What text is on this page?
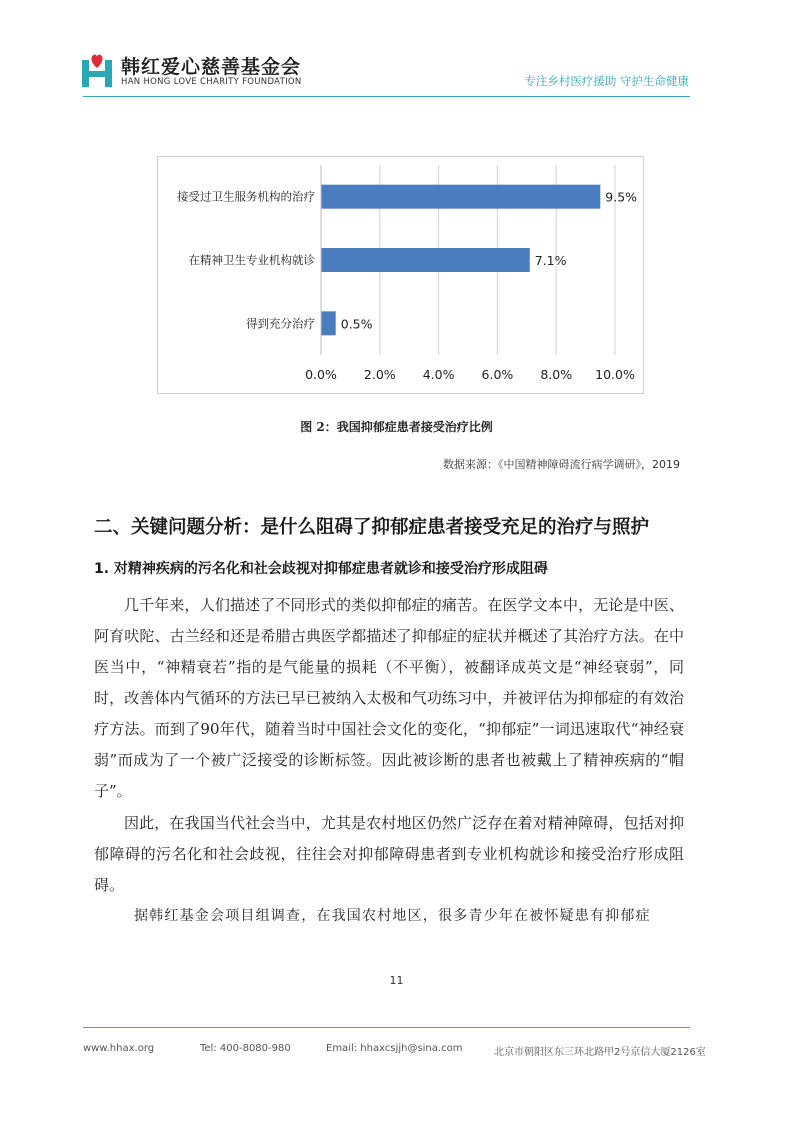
韩红爱心慈善基金会
HAN HONG LOVE CHARITY FOUNDATION	专注乡村医疗援助 守护生命健康
0.0% 2.0% 4.0% 6.0% 8.0% 10.0%
接受过卫生服务机构的治疗	9.5%
在精神卫生专业机构就诊	7.1%
得到充分治疗 0.5%
图 2：我国抑郁症患者接受治疗比例
数据来源：《中国精神障碍流行病学调研》，2019
二、关键问题分析：是什么阻碍了抑郁症患者接受充足的治疗与照护
1. 对精神疾病的污名化和社会歧视对抑郁症患者就诊和接受治疗形成阻碍

几千年来，人们描述了不同形式的类似抑郁症的痛苦。在医学文本中，无论是中医、阿育吠陀、古兰经和还是希腊古典医学都描述了抑郁症的症状并概述了其治疗方法。在中医当中，“神精衰若”指的是气能量的损耗（不平衡），被翻译成英文是“神经衰弱”，同时，改善体内气循环的方法已早已被纳入太极和气功练习中，并被评估为抑郁症的有效治疗方法。而到了90年代，随着当时中国社会文化的变化，“抑郁症”一词迅速取代“神经衰弱”而成为了一个被广泛接受的诊断标签。因此被诊断的患者也被戴上了精神疾病的“帽子”。

因此，在我国当代社会当中，尤其是农村地区仍然广泛存在着对精神障碍，包括对抑郁障碍的污名化和社会歧视，往往会对抑郁障碍患者到专业机构就诊和接受治疗形成阻碍。

据韩红基金会项目组调查，在我国农村地区，很多青少年在被怀疑患有抑郁症

11
www.hhax.org	Tel: 400-8080-980	Email: hhaxcsjjh@sina.com	北京市朝阳区东三环北路甲2号京信大厦2126室
